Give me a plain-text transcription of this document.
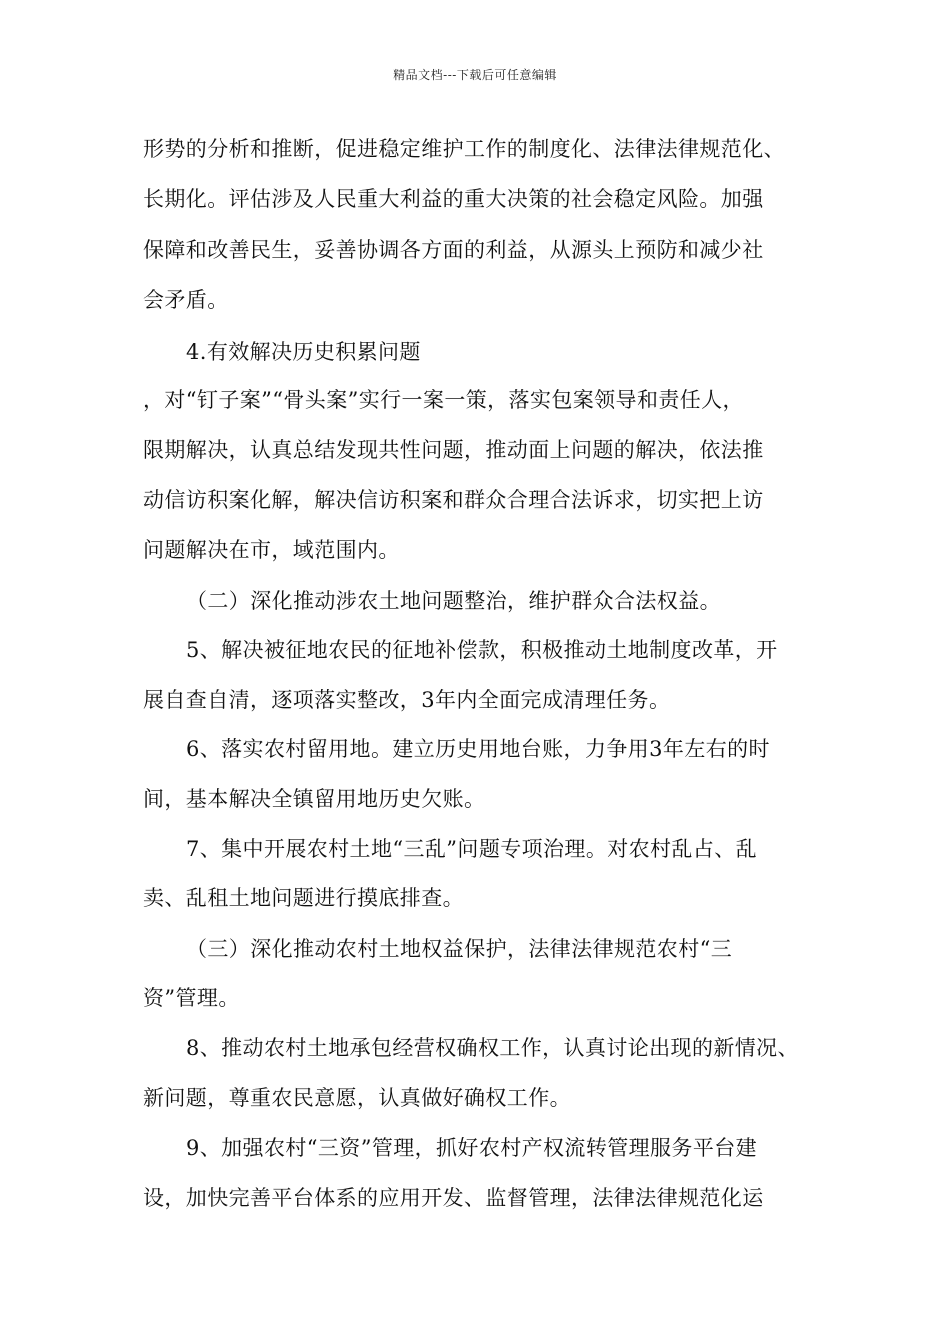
精品文档---下载后可任意编辑
形势的分析和推断，促进稳定维护工作的制度化、法律法律规范化、
长期化。评估涉及人民重大利益的重大决策的社会稳定风险。加强
保障和改善民生，妥善协调各方面的利益，从源头上预防和减少社
会矛盾。
4.有效解决历史积累问题
，对“钉子案”“骨头案”实行一案一策，落实包案领导和责任人，
限期解决，认真总结发现共性问题，推动面上问题的解决，依法推
动信访积案化解，解决信访积案和群众合理合法诉求，切实把上访
问题解决在市，域范围内。
（二）深化推动涉农土地问题整治，维护群众合法权益。
5、解决被征地农民的征地补偿款，积极推动土地制度改革，开
展自查自清，逐项落实整改，3年内全面完成清理任务。
6、落实农村留用地。建立历史用地台账，力争用3年左右的时
间，基本解决全镇留用地历史欠账。
7、集中开展农村土地“三乱”问题专项治理。对农村乱占、乱
卖、乱租土地问题进行摸底排查。
（三）深化推动农村土地权益保护，法律法律规范农村“三
资”管理。
8、推动农村土地承包经营权确权工作，认真讨论出现的新情况、
新问题，尊重农民意愿，认真做好确权工作。
9、加强农村“三资”管理，抓好农村产权流转管理服务平台建
设，加快完善平台体系的应用开发、监督管理，法律法律规范化运
